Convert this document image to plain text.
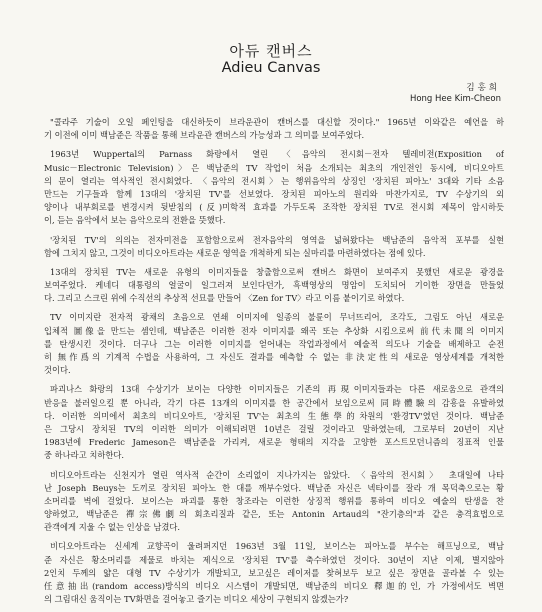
아듀 캔버스
Adieu Canvas
김홍희
Hong Hee Kim-Cheon
"콜라주 기술이 오일 페인팅을 대신하듯이 브라운관이 캔버스를 대신할 것이다." 1965년 이와같은 예언을 하
기 이전에 이미 백남준은 작품을 통해 브라운관 캔버스의 가능성과 그 의미를 보여주었다.
1963년 Wuppertal의 Parnass 화랑에서 열린 〈음악의 전시회－전자 텔레비전(Exposition of
Music－Electronic Television)〉은 백남준의 TV 작업이 처음 소개되는 최초의 개인전인 동시에, 비디오아트
의 문이 열리는 역사적인 전시회였다. 〈음악의 전시회〉는 행위음악의 상징인 '장치된 피아노' 3대와 기타 소음
만드는 기구들과 함께 13대의 '장치된 TV'를 선보였다. 장치된 피아노의 원리와 마찬가지로, TV 수상기의 외
양이나 내부회로를 변경시켜 뒷받침의 (反)미학적 효과를 가두도록 조작한 장치된 TV로 전시회 제목이 암시하듯
이, 듣는 음악에서 보는 음악으로의 전환을 뜻했다.
'장치된 TV'의 의의는 전자미전을 포함함으로써 전자음악의 영역을 넓혀왔다는 백남준의 음악적 포부를 실현
함에 그치지 않고, 그것이 비디오아트라는 새로운 영역을 개척하게 되는 실마리를 마련하였다는 점에 있다.
13대의 장치된 TV는 새로운 유형의 이미지들을 창출함으로써 캔버스 화면이 보여주지 못했던 새로운 광경을
보여주었다. 케네디 대통령의 얼굴이 일그러져 보인다던가, 흑백영상의 명암이 도치되어 기이한 장면을 만들었
다. 그리고 스크린 위에 수직선의 추상적 선묘를 만들어 〈Zen for TV〉라고 이름 붙이기로 하였다.
TV 이미지란 전자적 광채의 초음으로 연쇄 이미지에 일종의 불륜이 무너뜨리어, 조각도, 그림도 아닌 새로운
입체적 圖像을 만드는 셈인데, 백남준은 이러한 전자 이미지를 왜곡 또는 추상화 시킴으로써 前代未聞의 이미지
를 탄생시킨 것이다. 더구나 그는 이러한 이미지를 얻어내는 작업과정에서 예술적 의도나 기술을 배제하고 순전
히 無作爲의 기계적 수법을 사용하여, 그 자신도 결과를 예측할 수 없는 非決定性의 새로운 영상세계를 개척한
것이다.
파괴나스 화랑의 13대 수상기가 보이는 다양한 이미지들은 기존의 再現이미지들과는 다른 새로움으로 관객의
반응을 불러일으킬 뿐 아니라, 각기 다른 13개의 이미지를 한 공간에서 보임으로써 同時體驗의 감흥을 유발하였
다. 이러한 의미에서 최초의 비디오아트, '장치된 TV'는 최초의 生態學的차원의 '환경TV'였던 것이다. 백남준
은 그당시 장치된 TV의 이러한 의미가 이해되려면 10년은 걸릴 것이라고 말하였는데, 그로부터 20년이 지난
1983년에 Frederic Jameson은 백남준을 가리켜, 새로운 형태의 지각을 고양한 포스트모던니즘의 징표적 인물
중 하나라고 치하한다.
비디오아트라는 신천지가 열린 역사적 순간이 소리없이 지나가지는 않았다. 〈음악의 전시회〉 초대일에 나타
난 Joseph Beuys는 도끼로 장치된 피아노 한 대를 깨부수었다. 백남준 자신은 넥타이를 잘라 개 목덕축으로는 황
소머리를 벽에 걸었다. 보이스는 파괴를 통한 창조라는 이런한 상징적 행위를 통하여 비디오 예술의 탄생을 찬
양하였고, 백남준은 禪宗佛劇의 회초리질과 같은, 또는 Antonin Artaud의 "잔기층의"과 같은 충격효법으로
관객에게 지울 수 없는 인상을 남겼다.
비디오아트라는 신세계 교향곡이 울려퍼지던 1963년 3월 11일, 보이스는 피아노를 부수는 해프닝으로, 백남
준 자신은 황소머리를 제물로 바치는 제식으로 '장치된 TV'를 축수하였던 것이다. 30년이 지난 이제, 별지않아
2인치 두께의 얇은 대형 TV 수상기가 개발되고, 보고싶은 레이저를 찾혀보두 보고 싶은 장면을 골라볼 수 있는
任意抽出(random access)방식의 비디오 시스템이 개발되면, 백남준의 비디오 釋迦的인, 가 가정에서도 벽면
의 그림대신 움직이는 TV화면을 걸어놓고 즐기는 비디오 세상이 구현되지 않겠는가?
